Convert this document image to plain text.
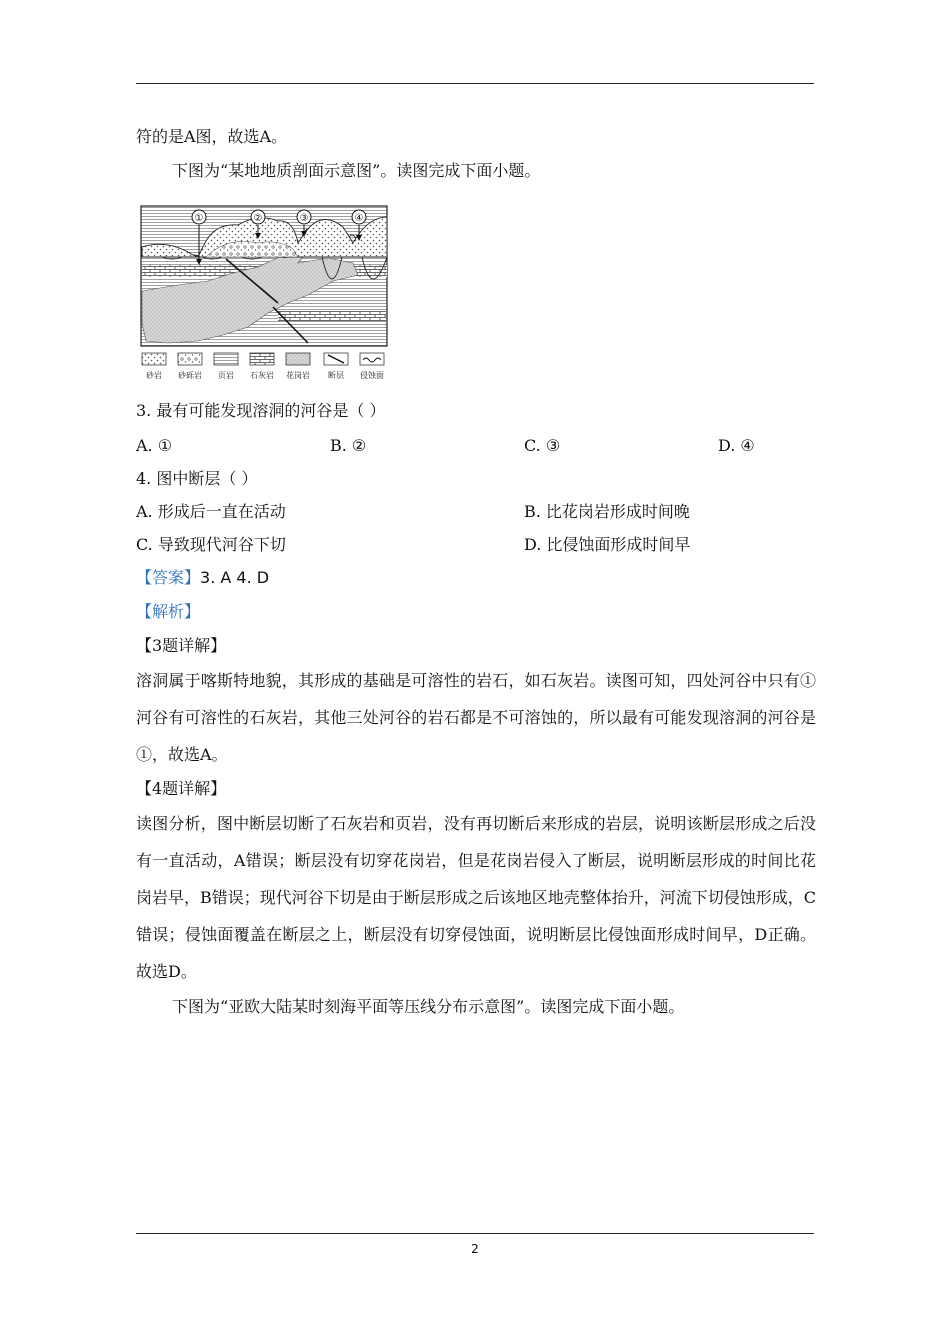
符的是A图，故选A。
下图为“某地地质剖面示意图”。读图完成下面小题。
①	②	③	④
砂岩 砂砾岩 页岩 石灰岩 花岗岩 断层 侵蚀面
3. 最有可能发现溶洞的河谷是（ ）
A. ①	B. ②	C. ③	D. ④
4. 图中断层（ ）
A. 形成后一直在活动	B. 比花岗岩形成时间晚
C. 导致现代河谷下切	D. 比侵蚀面形成时间早
【答案】3. A 4. D
【解析】
【3题详解】
溶洞属于喀斯特地貌，其形成的基础是可溶性的岩石，如石灰岩。读图可知，四处河谷中只有①河谷有可溶性的石灰岩，其他三处河谷的岩石都是不可溶蚀的，所以最有可能发现溶洞的河谷是①，故选A。
【4题详解】
读图分析，图中断层切断了石灰岩和页岩，没有再切断后来形成的岩层，说明该断层形成之后没有一直活动，A错误；断层没有切穿花岗岩，但是花岗岩侵入了断层，说明断层形成的时间比花岗岩早，B错误；现代河谷下切是由于断层形成之后该地区地壳整体抬升，河流下切侵蚀形成，C错误；侵蚀面覆盖在断层之上，断层没有切穿侵蚀面，说明断层比侵蚀面形成时间早，D正确。故选D。
下图为“亚欧大陆某时刻海平面等压线分布示意图”。读图完成下面小题。
2
